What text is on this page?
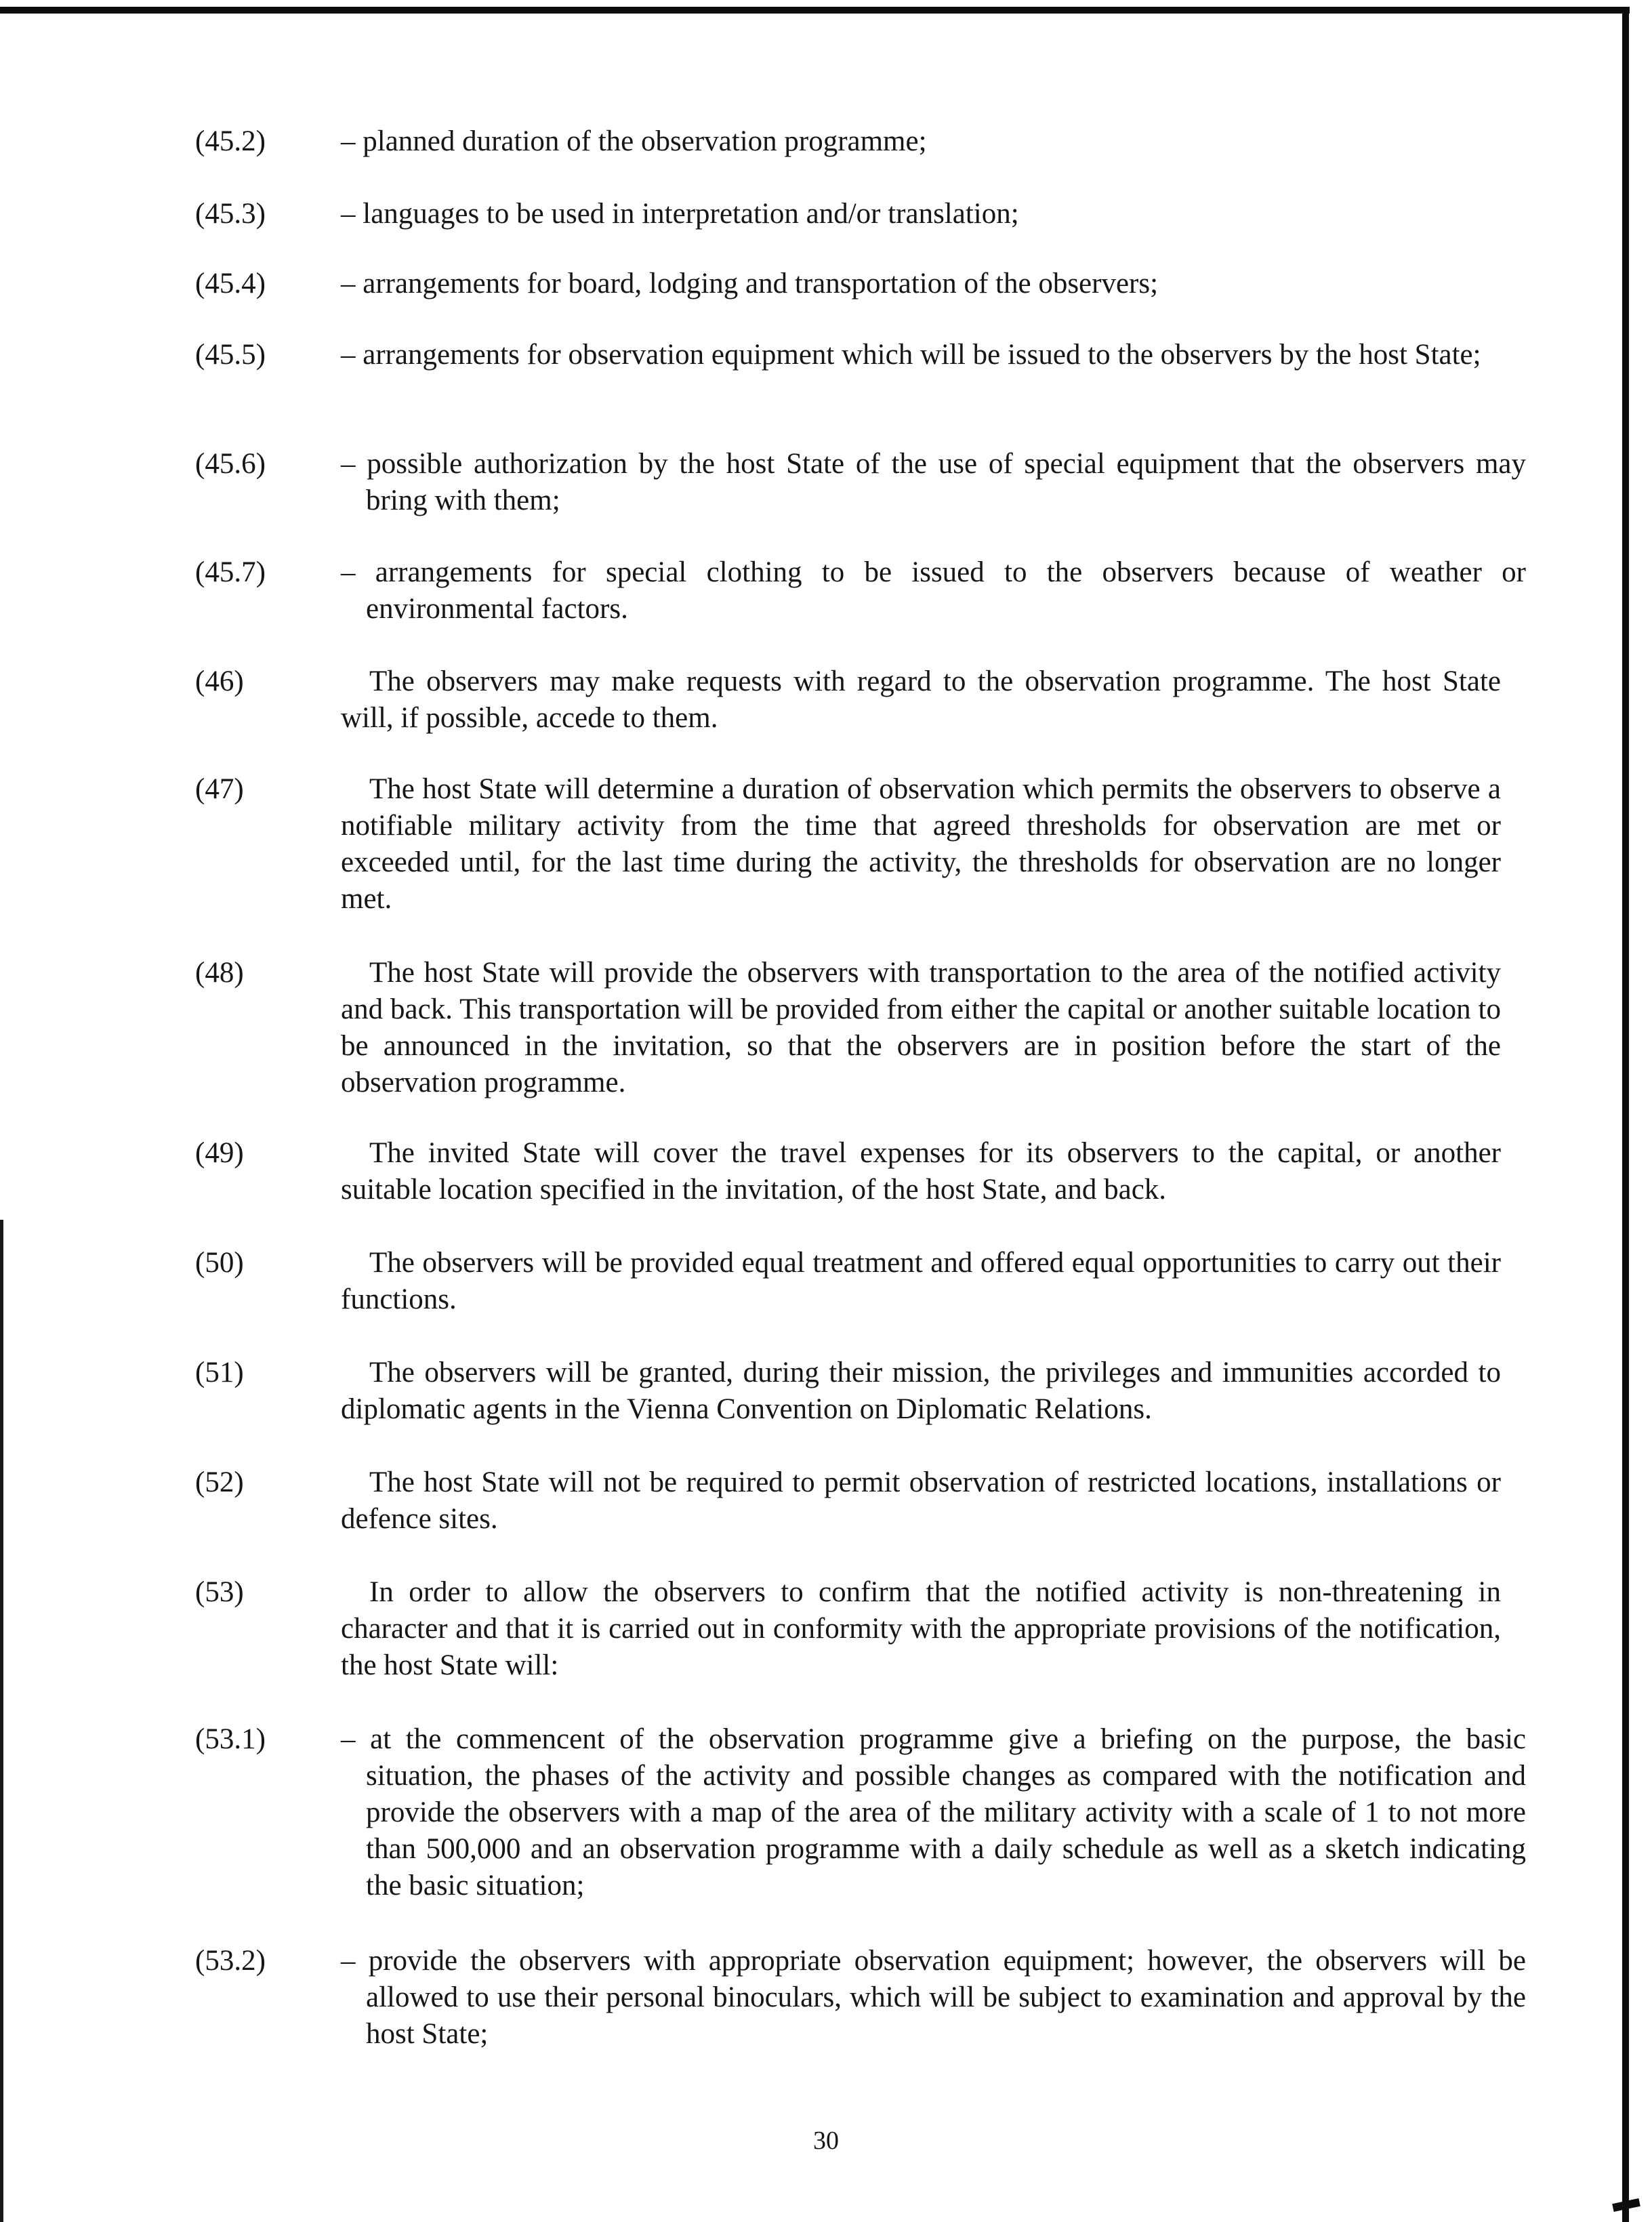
(45.2)	– planned duration of the observation programme;
(45.3)	– languages to be used in interpretation and/or translation;
(45.4)	– arrangements for board, lodging and transportation of the observers;
(45.5)	– arrangements for observation equipment which will be issued to the observers by the host State;
(45.6)	– possible authorization by the host State of the use of special equipment that the observers may bring with them;
(45.7)	– arrangements for special clothing to be issued to the observers because of weather or environmental factors.
(46)	The observers may make requests with regard to the observation programme. The host State will, if possible, accede to them.
(47)	The host State will determine a duration of observation which permits the observers to observe a notifiable military activity from the time that agreed thresholds for observation are met or exceeded until, for the last time during the activity, the thresholds for observation are no longer met.
(48)	The host State will provide the observers with transportation to the area of the notified activity and back. This transportation will be provided from either the capital or another suitable location to be announced in the invitation, so that the observers are in position before the start of the observation programme.
(49)	The invited State will cover the travel expenses for its observers to the capital, or another suitable location specified in the invitation, of the host State, and back.
(50)	The observers will be provided equal treatment and offered equal opportunities to carry out their functions.
(51)	The observers will be granted, during their mission, the privileges and immunities accorded to diplomatic agents in the Vienna Convention on Diplomatic Relations.
(52)	The host State will not be required to permit observation of restricted locations, installations or defence sites.
(53)	In order to allow the observers to confirm that the notified activity is non-threatening in character and that it is carried out in conformity with the appropriate provisions of the notification, the host State will:
(53.1)	– at the commencent of the observation programme give a briefing on the purpose, the basic situation, the phases of the activity and possible changes as compared with the notification and provide the observers with a map of the area of the military activity with a scale of 1 to not more than 500,000 and an observation programme with a daily schedule as well as a sketch indicating the basic situation;
(53.2)	– provide the observers with appropriate observation equipment; however, the observers will be allowed to use their personal binoculars, which will be subject to examination and approval by the host State;
30
